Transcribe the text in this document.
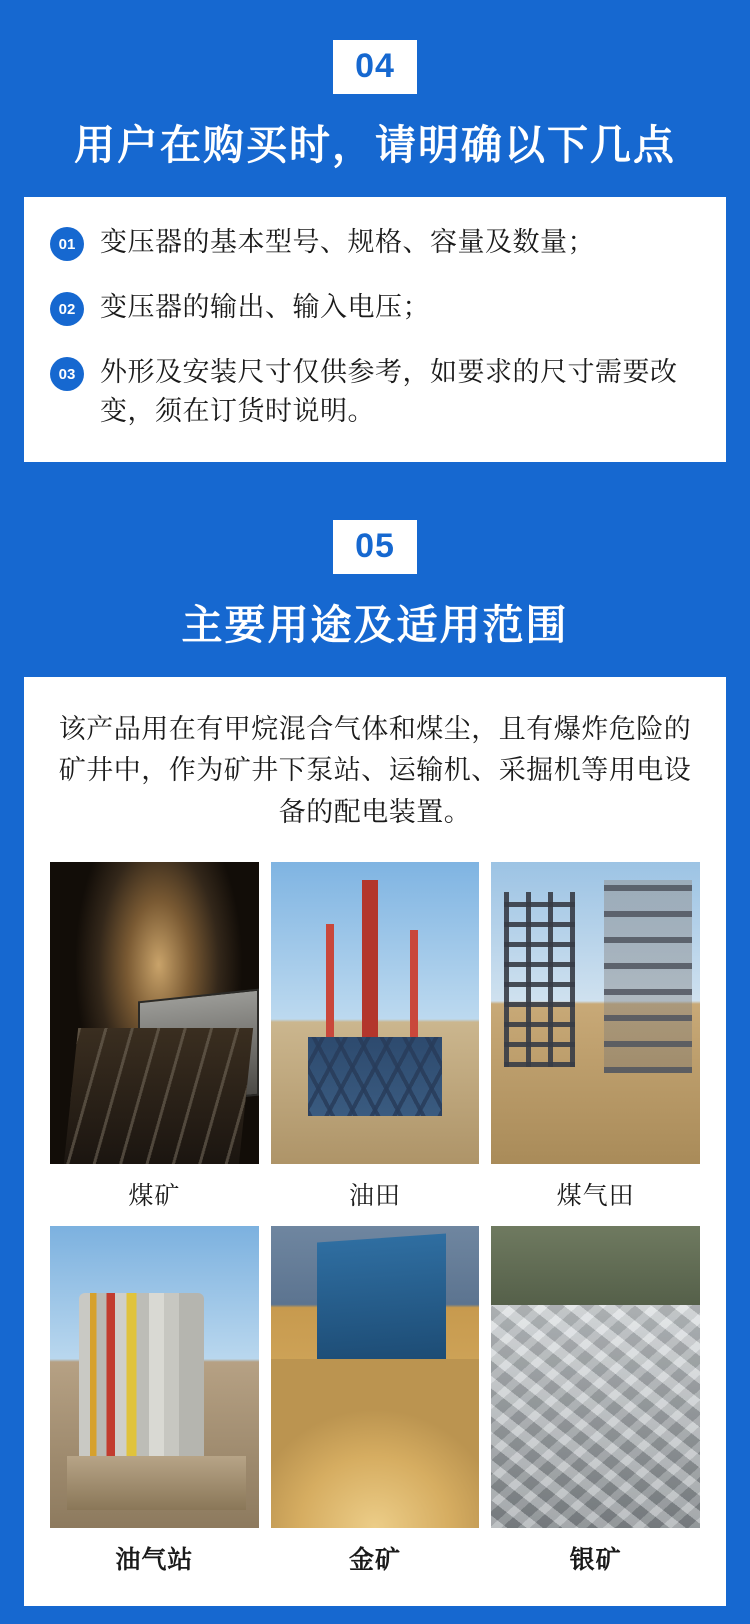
04
用户在购买时，请明确以下几点
01 变压器的基本型号、规格、容量及数量；
02 变压器的输出、输入电压；
03 外形及安装尺寸仅供参考，如要求的尺寸需要改变，须在订货时说明。
05
主要用途及适用范围
该产品用在有甲烷混合气体和煤尘，且有爆炸危险的矿井中，作为矿井下泵站、运输机、采掘机等用电设备的配电装置。
煤矿	油田	煤气田
油气站	金矿	银矿
